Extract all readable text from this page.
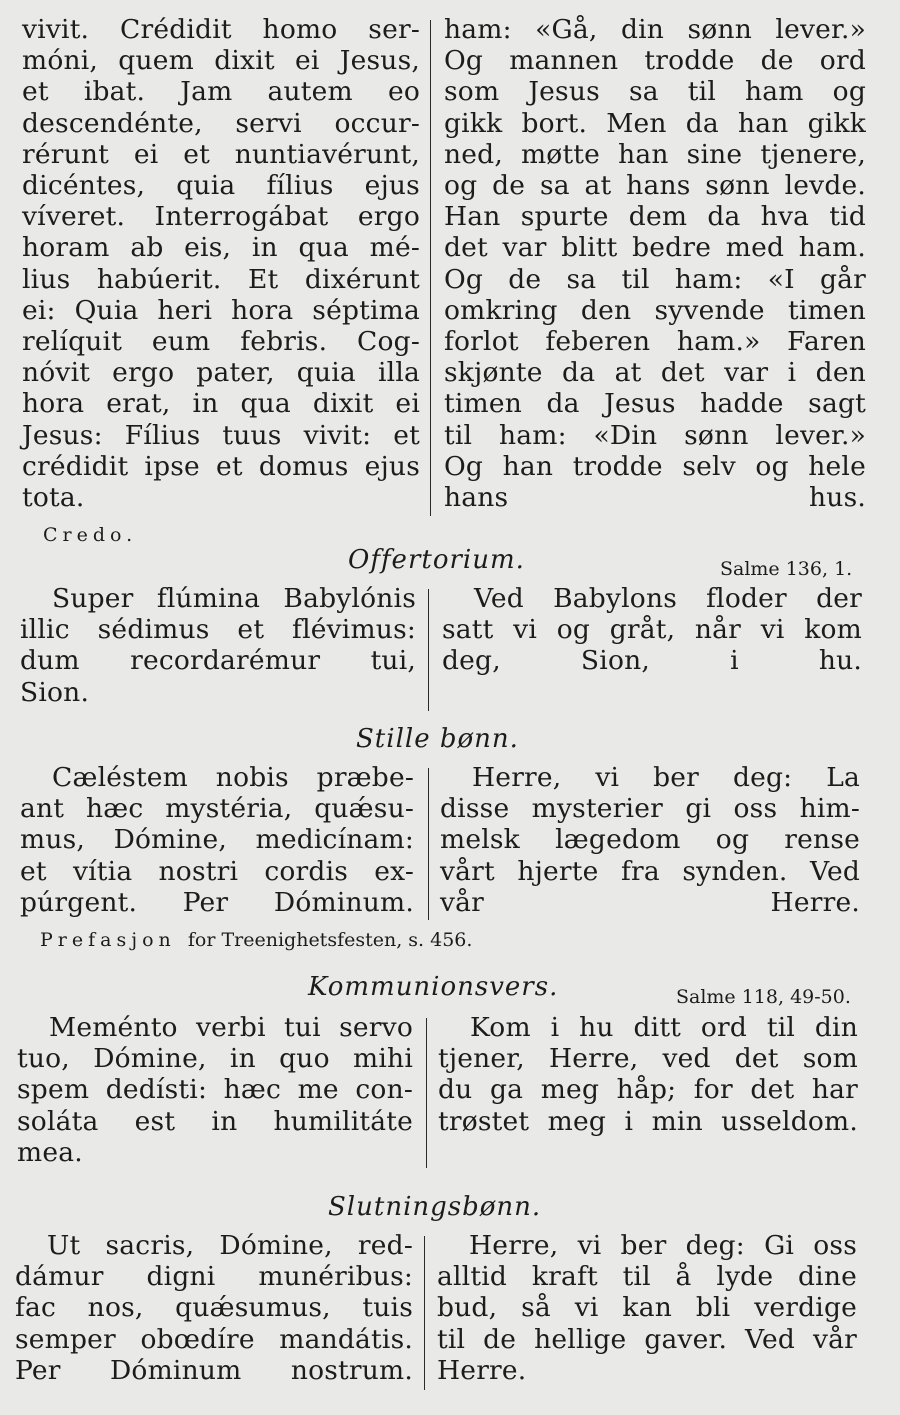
vivit. Crédidit homo ser-
móni, quem dixit ei Jesus,
et ibat. Jam autem eo
descendénte, servi occur-
rérunt ei et nuntiavérunt,
dicéntes, quia fílius ejus
víveret. Interrogábat ergo
horam ab eis, in qua mé-
lius habúerit. Et dixérunt
ei: Quia heri hora séptima
relíquit eum febris. Cog-
nóvit ergo pater, quia illa
hora erat, in qua dixit ei
Jesus: Fílius tuus vivit: et
crédidit ipse et domus ejus
tota.
ham: «Gå, din sønn lever.»
Og mannen trodde de ord
som Jesus sa til ham og
gikk bort. Men da han gikk
ned, møtte han sine tjenere,
og de sa at hans sønn levde.
Han spurte dem da hva tid
det var blitt bedre med ham.
Og de sa til ham: «I går
omkring den syvende timen
forlot feberen ham.» Faren
skjønte da at det var i den
timen da Jesus hadde sagt
til ham: «Din sønn lever.»
Og han trodde selv og hele
hans hus.
Credo.
Offertorium.	Salme 136, 1.
Super flúmina Babylónis
illic sédimus et flévimus:
dum recordarémur tui,
Sion.
Ved Babylons floder der
satt vi og gråt, når vi kom
deg, Sion, i hu.
Stille bønn.
Cæléstem nobis præbe-
ant hæc mystéria, quǽsu-
mus, Dómine, medicínam:
et vítia nostri cordis ex-
púrgent. Per Dóminum.
Herre, vi ber deg: La
disse mysterier gi oss him-
melsk lægedom og rense
vårt hjerte fra synden. Ved
vår Herre.
Prefasjon for Treenighetsfesten, s. 456.
Kommunionsvers.	Salme 118, 49-50.
Meménto verbi tui servo
tuo, Dómine, in quo mihi
spem dedísti: hæc me con-
soláta est in humilitáte
mea.
Kom i hu ditt ord til din
tjener, Herre, ved det som
du ga meg håp; for det har
trøstet meg i min usseldom.
Slutningsbønn.
Ut sacris, Dómine, red-
dámur digni munéribus:
fac nos, quǽsumus, tuis
semper obœdíre mandátis.
Per Dóminum nostrum.
Herre, vi ber deg: Gi oss
alltid kraft til å lyde dine
bud, så vi kan bli verdige
til de hellige gaver. Ved vår
Herre.
